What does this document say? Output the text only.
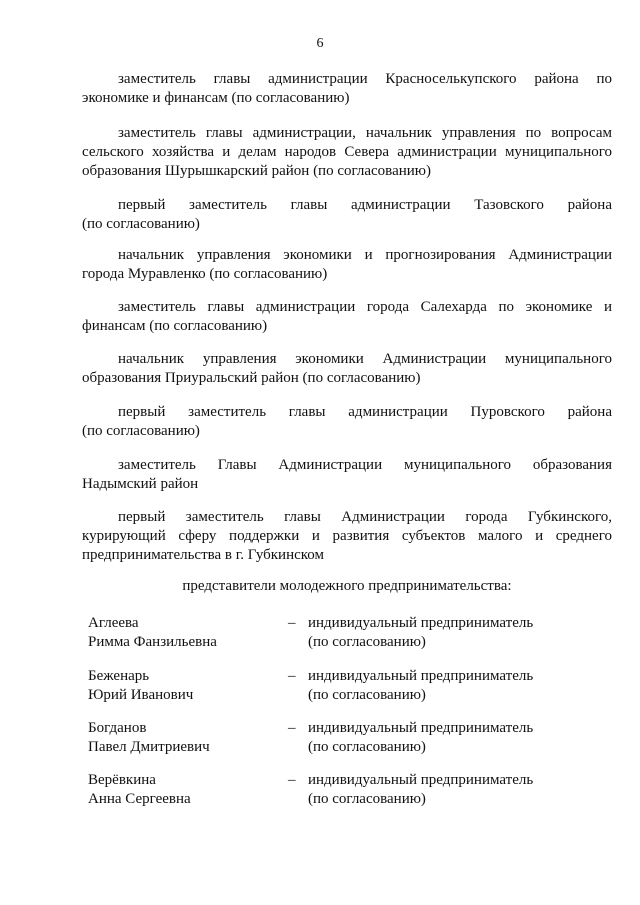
6
заместитель главы администрации Красноселькупского района по
экономике и финансам (по согласованию)
заместитель главы администрации, начальник управления по вопросам
сельского хозяйства и делам народов Севера администрации муниципального образования Шурышкарский район (по согласованию)
первый заместитель главы администрации Тазовского района
(по согласованию)
начальник управления экономики и прогнозирования Администрации
города Муравленко (по согласованию)
заместитель главы администрации города Салехарда по экономике и
финансам (по согласованию)
начальник управления экономики Администрации муниципального
образования Приуральский район (по согласованию)
первый заместитель главы администрации Пуровского района
(по согласованию)
заместитель Главы Администрации муниципального образования
Надымский район
первый заместитель главы Администрации города Губкинского,
курирующий сферу поддержки и развития субъектов малого и среднего предпринимательства в г. Губкинском
представители молодежного предпринимательства:
Аглеева
Римма Фанзильевна
– индивидуальный предприниматель
(по согласованию)
Беженарь
Юрий Иванович
– индивидуальный предприниматель
(по согласованию)
Богданов
Павел Дмитриевич
– индивидуальный предприниматель
(по согласованию)
Верёвкина
Анна Сергеевна
– индивидуальный предприниматель
(по согласованию)
